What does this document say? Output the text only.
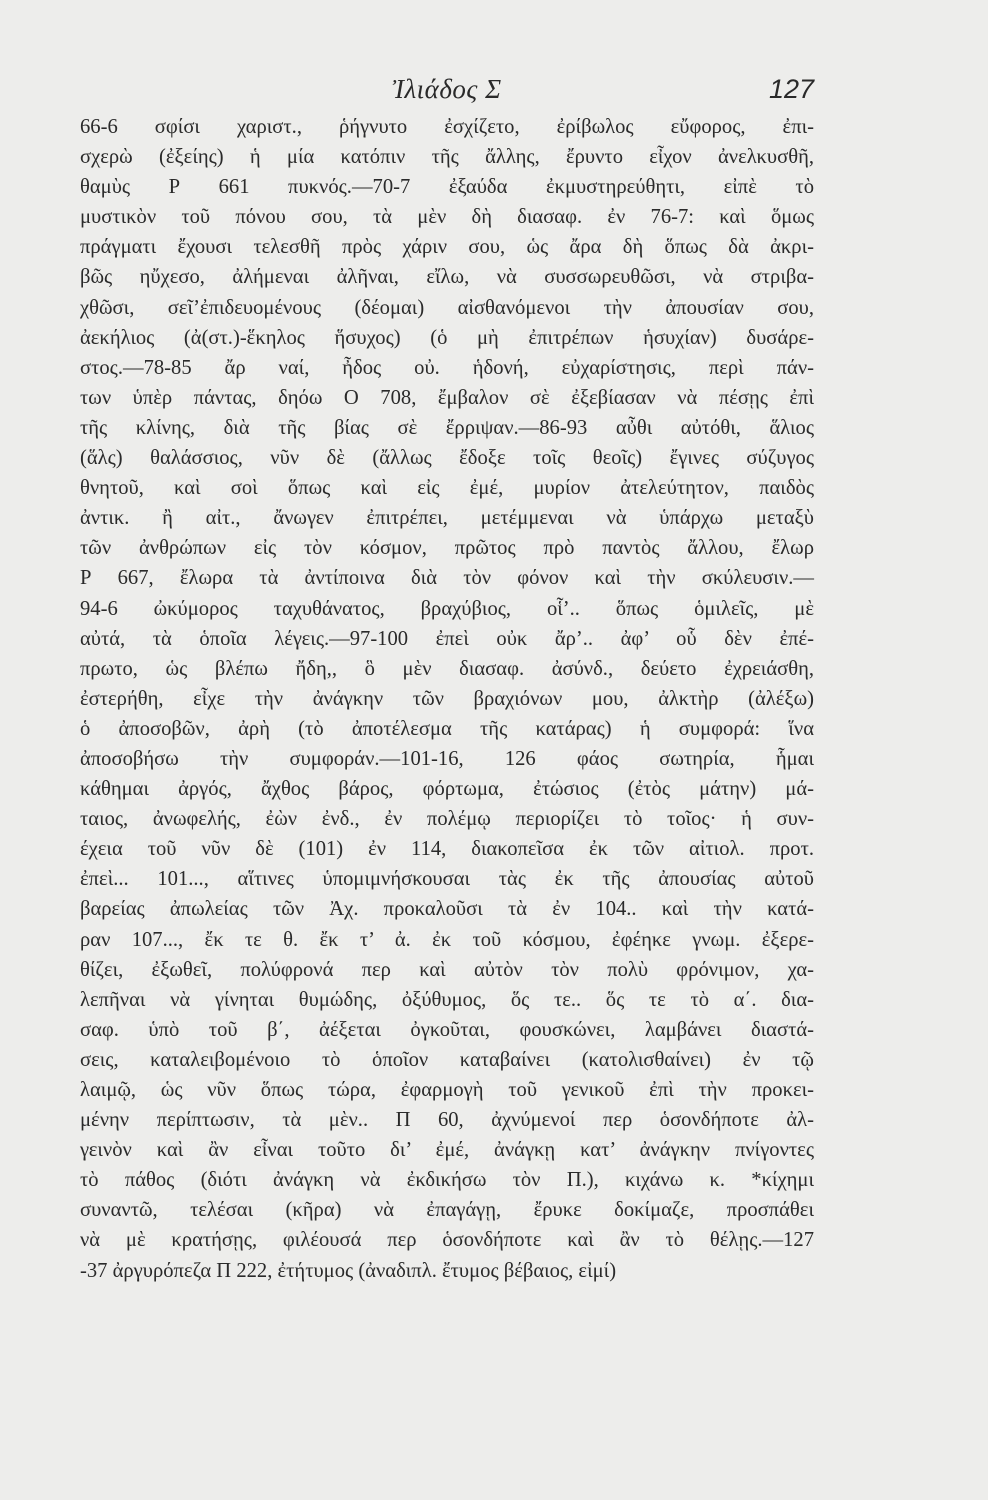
Ἰλιάδος Σ	127
66-6 σφίσι χαριστ., ῥήγνυτο ἐσχίζετο, ἐρίβωλος εὔφορος, ἐπι-
σχερὼ (ἐξείης) ἡ μία κατόπιν τῆς ἄλλης, ἔρυντο εἶχον ἀνελκυσθῆ,
θαμὺς Ρ 661 πυκνός.—70-7 ἐξαύδα ἐκμυστηρεύθητι, εἰπὲ τὸ
μυστικὸν τοῦ πόνου σου, τὰ μὲν δὴ διασαφ. ἐν 76-7: καὶ ὅμως
πράγματι ἔχουσι τελεσθῆ πρὸς χάριν σου, ὡς ἄρα δὴ ὅπως δὰ ἀκρι-
βῶς ηὔχεσο, ἀλήμεναι ἀλῆναι, εἴλω, νὰ συσσωρευθῶσι, νὰ στριβα-
χθῶσι, σεῖ’ἐπιδευομένους (δέομαι) αἰσθανόμενοι τὴν ἀπουσίαν σου,
ἀεκήλιος (ἀ(στ.)-ἕκηλος ἥσυχος) (ὁ μὴ ἐπιτρέπων ἡσυχίαν) δυσάρε-
στος.—78-85 ἄρ ναί, ἦδος οὐ. ἡδονή, εὐχαρίστησις, περὶ πάν-
των ὑπὲρ πάντας, δηόω Ο 708, ἔμβαλον σὲ ἐξεβίασαν νὰ πέσῃς ἐπὶ
τῆς κλίνης, διὰ τῆς βίας σὲ ἔρριψαν.—86-93 αὖθι αὐτόθι, ἅλιος
(ἅλς) θαλάσσιος, νῦν δὲ (ἄλλως ἔδοξε τοῖς θεοῖς) ἔγινες σύζυγος
θνητοῦ, καὶ σοὶ ὅπως καὶ εἰς ἐμέ, μυρίον ἀτελεύτητον, παιδὸς
ἀντικ. ἢ αἰτ., ἄνωγεν ἐπιτρέπει, μετέμμεναι νὰ ὑπάρχω μεταξὺ
τῶν ἀνθρώπων εἰς τὸν κόσμον, πρῶτος πρὸ παντὸς ἄλλου, ἔλωρ
Ρ 667, ἔλωρα τὰ ἀντίποινα διὰ τὸν φόνον καὶ τὴν σκύλευσιν.—
94-6 ὠκύμορος ταχυθάνατος, βραχύβιος, οἷ’.. ὅπως ὁμιλεῖς, μὲ
αὐτά, τὰ ὁποῖα λέγεις.—97-100 ἐπεὶ οὐκ ἄρ’.. ἀφ’ οὗ δὲν ἐπέ-
πρωτο, ὡς βλέπω ἤδη,, ὃ μὲν διασαφ. ἀσύνδ., δεύετο ἐχρειάσθη,
ἐστερήθη, εἶχε τὴν ἀνάγκην τῶν βραχιόνων μου, ἀλκτὴρ (ἀλέξω)
ὁ ἀποσοβῶν, ἀρὴ (τὸ ἀποτέλεσμα τῆς κατάρας) ἡ συμφορά: ἵνα
ἀποσοβήσω τὴν συμφοράν.—101-16, 126 φάος σωτηρία, ἧμαι
κάθημαι ἀργός, ἄχθος βάρος, φόρτωμα, ἐτώσιος (ἐτὸς μάτην) μά-
ταιος, ἀνωφελής, ἐὼν ἐνδ., ἐν πολέμῳ περιορίζει τὸ τοῖος· ἡ συν-
έχεια τοῦ νῦν δὲ (101) ἐν 114, διακοπεῖσα ἐκ τῶν αἰτιολ. προτ.
ἐπεὶ... 101..., αἵτινες ὑπομιμνήσκουσαι τὰς ἐκ τῆς ἀπουσίας αὐτοῦ
βαρείας ἀπωλείας τῶν Ἀχ. προκαλοῦσι τὰ ἐν 104.. καὶ τὴν κατά-
ραν 107..., ἔκ τε θ. ἔκ τ’ ἀ. ἐκ τοῦ κόσμου, ἐφέηκε γνωμ. ἐξερε-
θίζει, ἐξωθεῖ, πολύφρονά περ καὶ αὐτὸν τὸν πολὺ φρόνιμον, χα-
λεπῆναι νὰ γίνηται θυμώδης, ὀξύθυμος, ὅς τε.. ὅς τε τὸ α΄. δια-
σαφ. ὑπὸ τοῦ β΄, ἀέξεται ὀγκοῦται, φουσκώνει, λαμβάνει διαστά-
σεις, καταλειβομένοιο τὸ ὁποῖον καταβαίνει (κατολισθαίνει) ἐν τῷ
λαιμῷ, ὡς νῦν ὅπως τώρα, ἐφαρμογὴ τοῦ γενικοῦ ἐπὶ τὴν προκει-
μένην περίπτωσιν, τὰ μὲν.. Π 60, ἀχνύμενοί περ ὁσονδήποτε ἀλ-
γεινὸν καὶ ἂν εἶναι τοῦτο δι’ ἐμέ, ἀνάγκῃ κατ’ ἀνάγκην πνίγοντες
τὸ πάθος (διότι ἀνάγκη νὰ ἐκδικήσω τὸν Π.), κιχάνω κ. *κίχημι
συναντῶ, τελέσαι (κῆρα) νὰ ἐπαγάγῃ, ἔρυκε δοκίμαζε, προσπάθει
νὰ μὲ κρατήσῃς, φιλέουσά περ ὁσονδήποτε καὶ ἂν τὸ θέλῃς.—127
-37 ἀργυρόπεζα Π 222, ἐτήτυμος (ἀναδιπλ. ἔτυμος βέβαιος, εἰμί)
